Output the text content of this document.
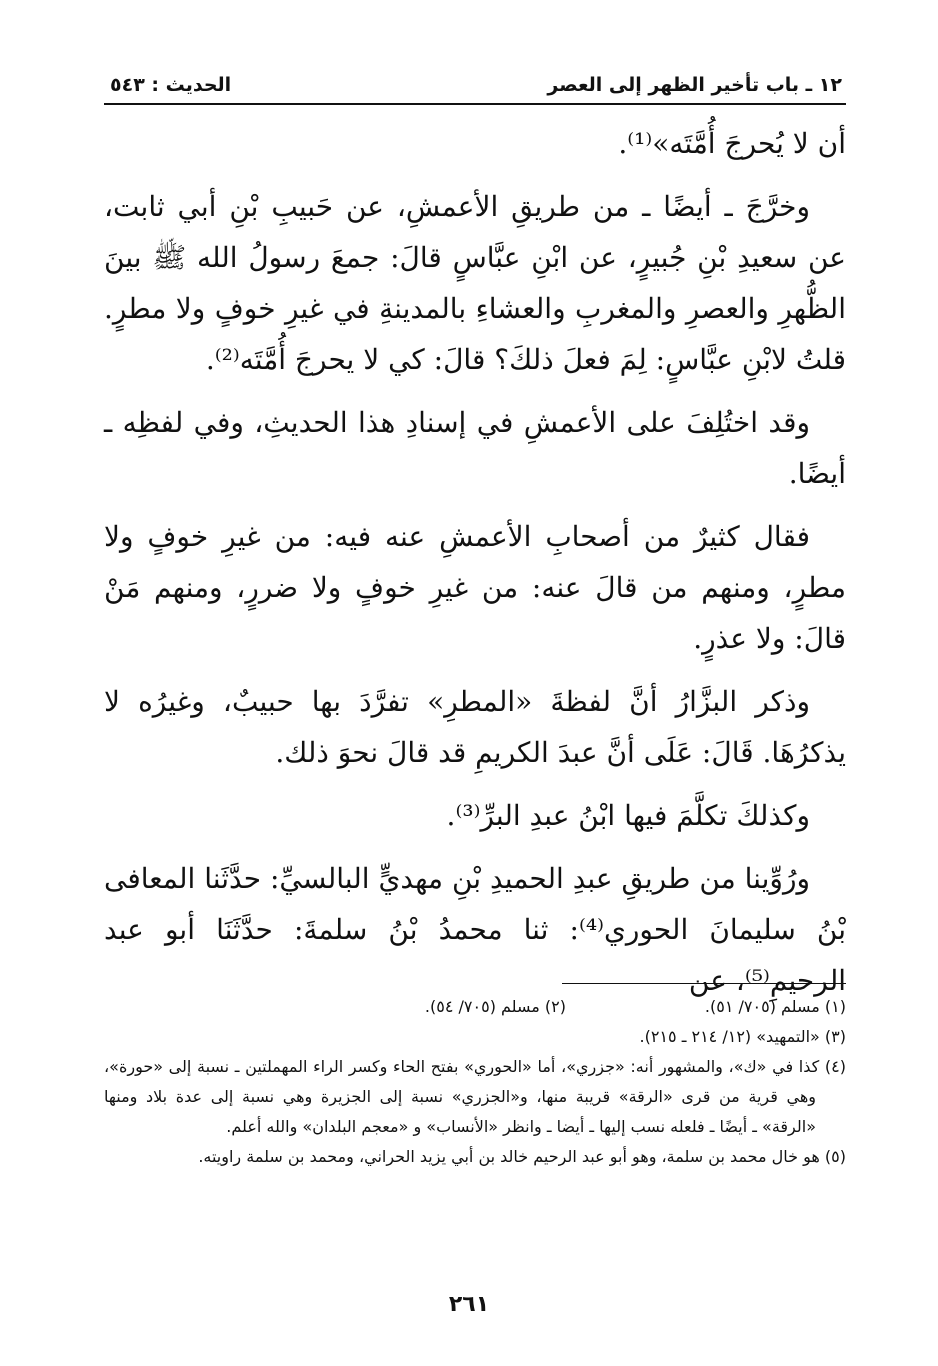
١٢ ـ باب تأخير الظهر إلى العصر
الحديث : ٥٤٣

أن لا يُحرجَ أُمَّتَه»⁽¹⁾.

وخرَّجَ ـ أيضًا ـ من طريقِ الأعمشِ، عن حَبيبِ بْنِ أبي ثابت، عن سعيدِ بْنِ جُبيرٍ، عن ابْنِ عبَّاسٍ قالَ: جمعَ رسولُ الله ﷺ بينَ الظُّهرِ والعصرِ والمغربِ والعشاءِ بالمدينةِ في غيرِ خوفٍ ولا مطرٍ. قلتُ لابْنِ عبَّاسٍ: لِمَ فعلَ ذلكَ؟ قالَ: كي لا يحرجَ أُمَّتَه⁽²⁾.

وقد اختُلِفَ على الأعمشِ في إسنادِ هذا الحديثِ، وفي لفظِه ـ أيضًا.

فقال كثيرٌ من أصحابِ الأعمشِ عنه فيه: من غيرِ خوفٍ ولا مطرٍ، ومنهم من قالَ عنه: من غيرِ خوفٍ ولا ضررٍ، ومنهم مَنْ قالَ: ولا عذرٍ.

وذكر البزَّارُ أنَّ لفظةَ «المطرِ» تفرَّدَ بها حبيبٌ، وغيرُه لا يذكرُهَا. قَالَ: عَلَى أنَّ عبدَ الكريمِ قد قالَ نحوَ ذلك.

وكذلكَ تكلَّمَ فيها ابْنُ عبدِ البرِّ⁽³⁾.

ورُوِّينا من طريقِ عبدِ الحميدِ بْنِ مهديٍّ البالسيِّ: حدَّثَنا المعافى بْنُ سليمانَ الحوري⁽⁴⁾: ثنا محمدُ بْنُ سلمةَ: حدَّثَنَا أبو عبد الرحيمِ⁽⁵⁾، عن

(١) مسلم (٧٠٥/ ٥١).
(٢) مسلم (٧٠٥/ ٥٤).
(٣) «التمهيد» (١٢/ ٢١٤ ـ ٢١٥).
(٤) كذا في «ك»، والمشهور أنه: «جزري»، أما «الحوري» بفتح الحاء وكسر الراء المهملتين ـ نسبة إلى «حورة»، وهي قرية من قرى «الرقة» قريبة منها، و«الجزري» نسبة إلى الجزيرة وهي نسبة إلى عدة بلاد ومنها «الرقة» ـ أيضًا ـ فلعله نسب إليها ـ أيضا ـ وانظر «الأنساب» و «معجم البلدان» والله أعلم.
(٥) هو خال محمد بن سلمة، وهو أبو عبد الرحيم خالد بن أبي يزيد الحراني، ومحمد بن سلمة راويته.
٢٦١
